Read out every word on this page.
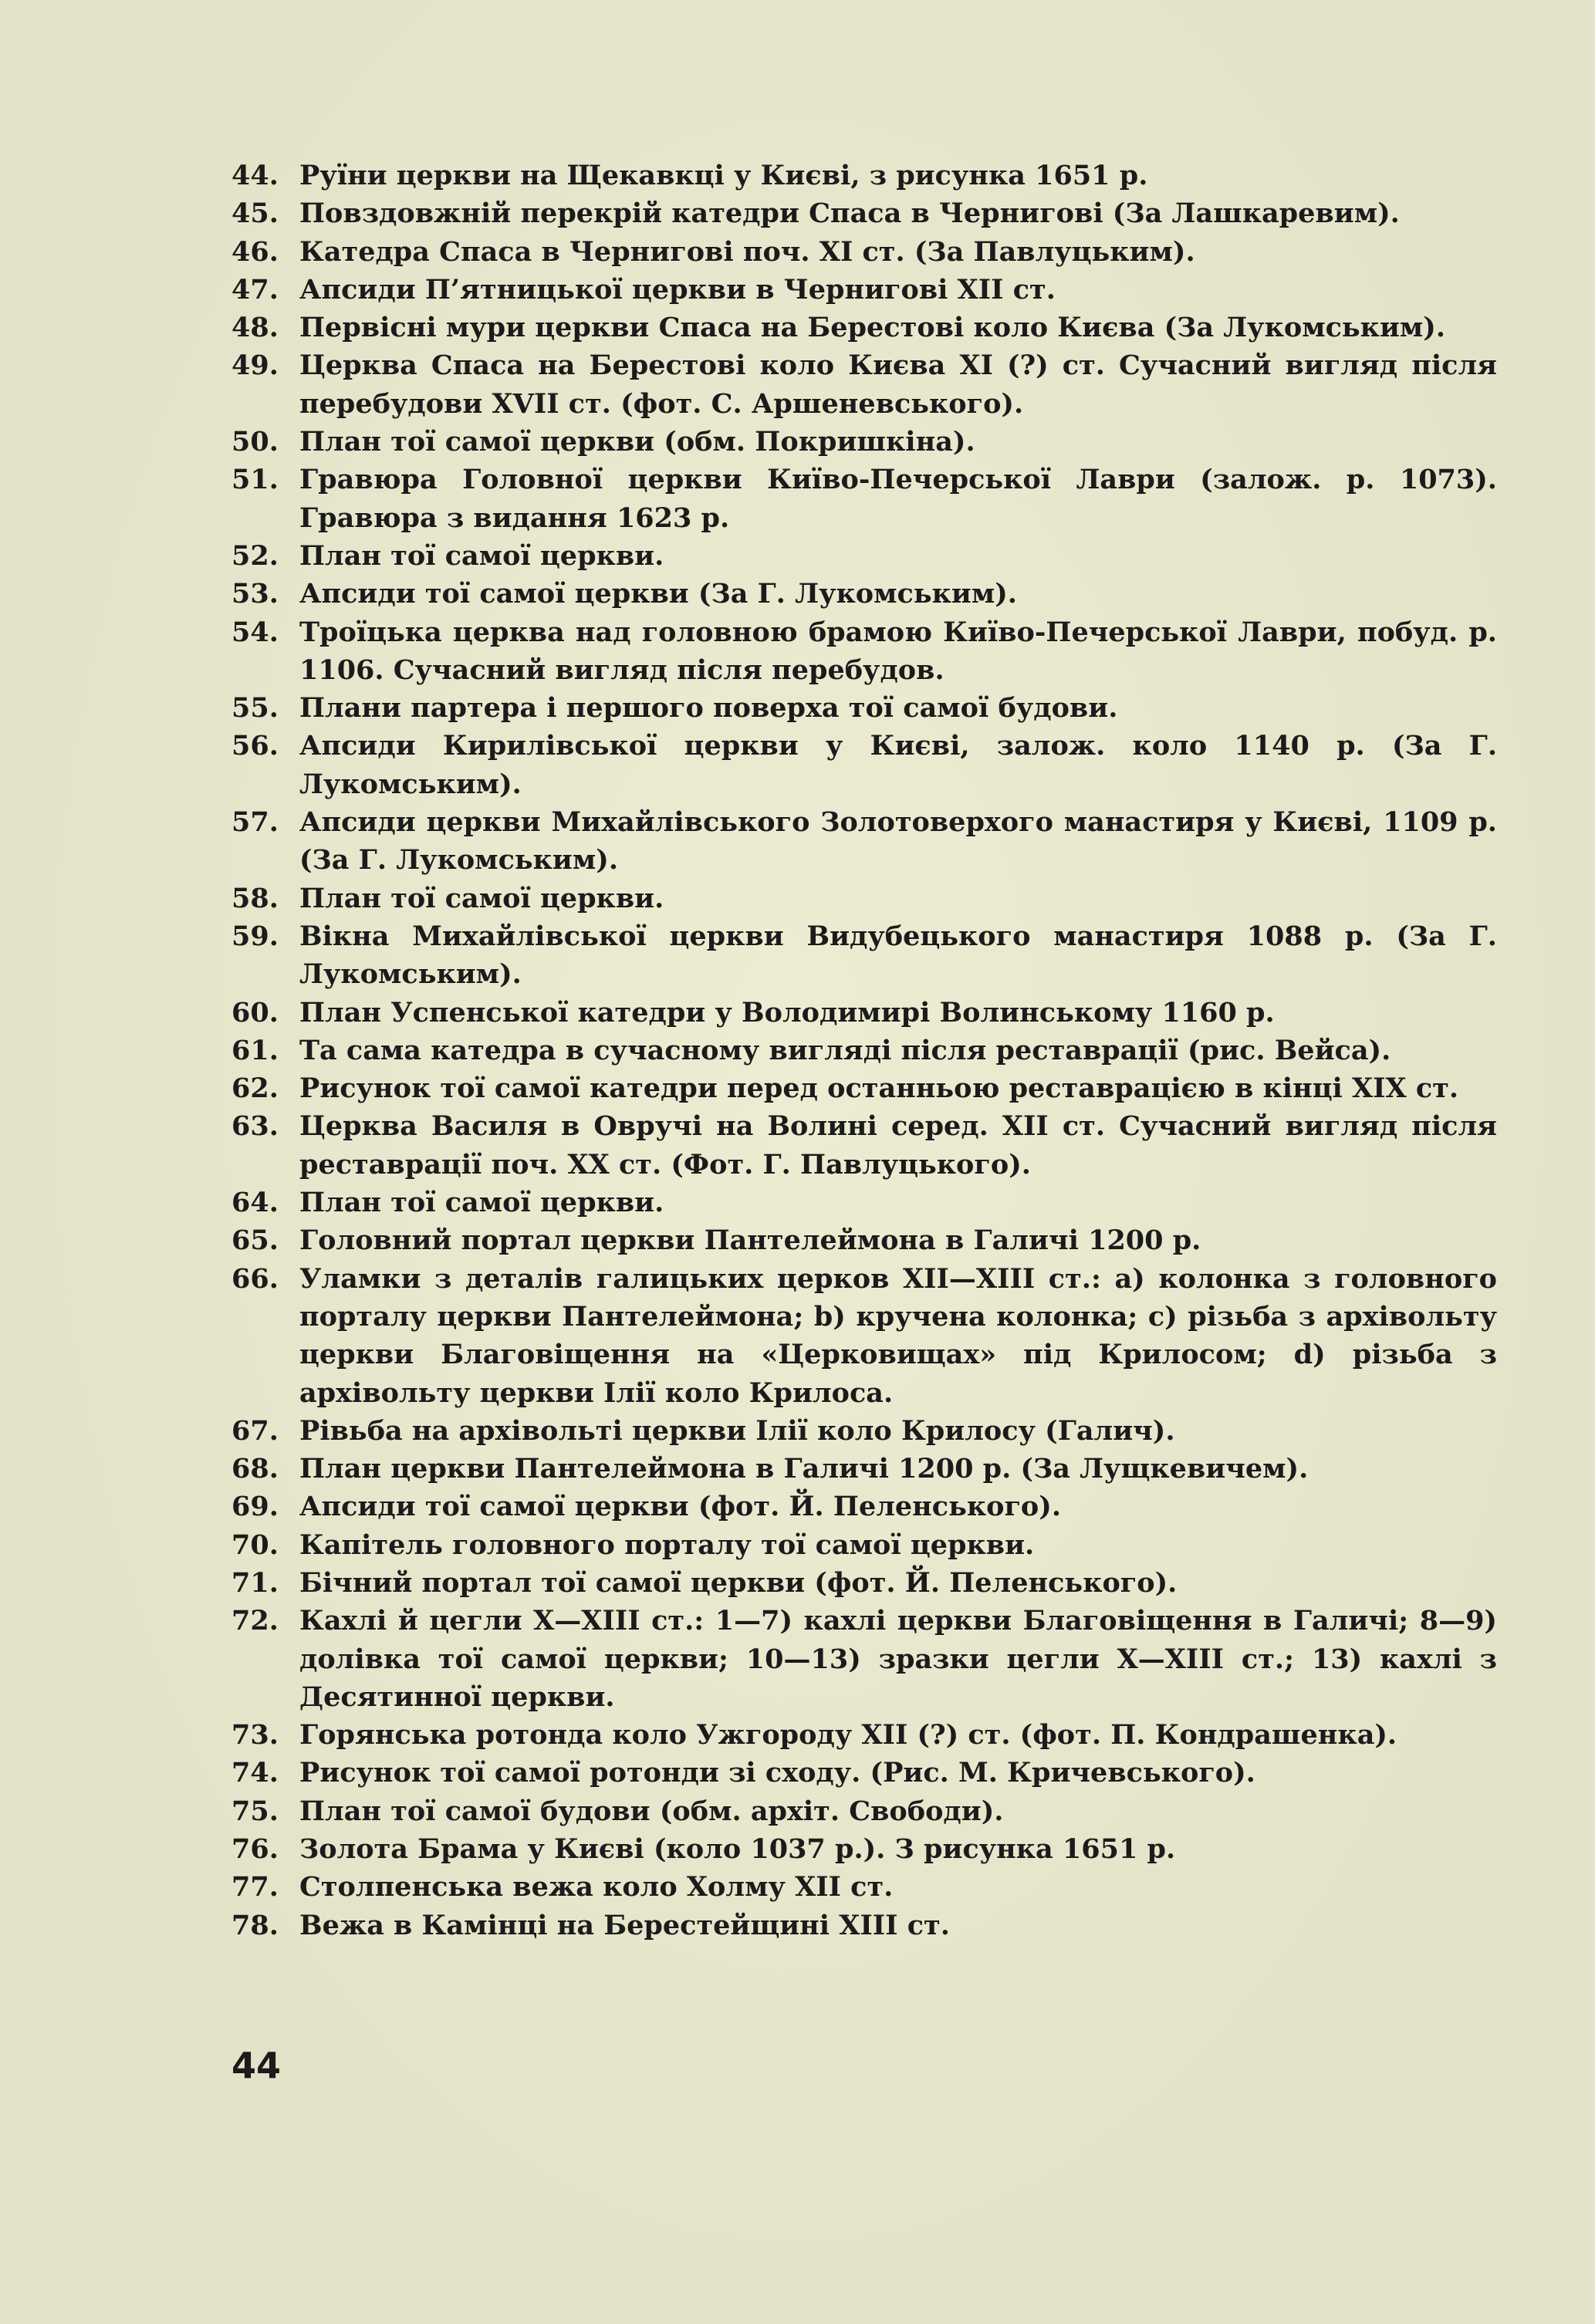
44. Руїни церкви на Щекавкці у Києві, з рисунка 1651 р.
45. Повздовжній перекрій катедри Спаса в Чернигові (За Лашкаревим).
46. Катедра Спаса в Чернигові поч. XI ст. (За Павлуцьким).
47. Апсиди П’ятницької церкви в Чернигові XII ст.
48. Первісні мури церкви Спаса на Берестові коло Києва (За Лукомським).
49. Церква Спаса на Берестові коло Києва XI (?) ст. Сучасний вигляд після перебудови XVII ст. (фот. С. Аршеневського).
50. План тої самої церкви (обм. Покришкіна).
51. Гравюра Головної церкви Київо-Печерської Лаври (залож. р. 1073). Гравюра з видання 1623 р.
52. План тої самої церкви.
53. Апсиди тої самої церкви (За Г. Лукомським).
54. Троїцька церква над головною брамою Київо-Печерської Лаври, побуд. р. 1106. Сучасний вигляд після перебудов.
55. Плани партера і першого поверха тої самої будови.
56. Апсиди Кирилівської церкви у Києві, залож. коло 1140 р. (За Г. Лукомським).
57. Апсиди церкви Михайлівського Золотоверхого манастиря у Києві, 1109 р. (За Г. Лукомським).
58. План тої самої церкви.
59. Вікна Михайлівської церкви Видубецького манастиря 1088 р. (За Г. Лукомським).
60. План Успенської катедри у Володимирі Волинському 1160 р.
61. Та сама катедра в сучасному вигляді після реставрації (рис. Вейса).
62. Рисунок тої самої катедри перед останньою реставрацією в кінці XIX ст.
63. Церква Василя в Овручі на Волині серед. XII ст. Сучасний вигляд після реставрації поч. XX ст. (Фот. Г. Павлуцького).
64. План тої самої церкви.
65. Головний портал церкви Пантелеймона в Галичі 1200 р.
66. Уламки з деталів галицьких церков XII—XIII ст.: а) колонка з головного порталу церкви Пантелеймона; b) кручена колонка; c) різьба з архівольту церкви Благовіщення на «Церковищах» під Крилосом; d) різьба з архівольту церкви Ілії коло Крилоса.
67. Рівьба на архівольті церкви Ілії коло Крилосу (Галич).
68. План церкви Пантелеймона в Галичі 1200 р. (За Лущкевичем).
69. Апсиди тої самої церкви (фот. Й. Пеленського).
70. Капітель головного порталу тої самої церкви.
71. Бічний портал тої самої церкви (фот. Й. Пеленського).
72. Кахлі й цегли X—XIII ст.: 1—7) кахлі церкви Благовіщення в Галичі; 8—9) долівка тої самої церкви; 10—13) зразки цегли X—XIII ст.; 13) кахлі з Десятинної церкви.
73. Горянська ротонда коло Ужгороду XII (?) ст. (фот. П. Кондрашенка).
74. Рисунок тої самої ротонди зі сходу. (Рис. М. Кричевського).
75. План тої самої будови (обм. архіт. Свободи).
76. Золота Брама у Києві (коло 1037 р.). З рисунка 1651 р.
77. Столпенська вежа коло Холму XII ст.
78. Вежа в Камінці на Берестейщині XIII ст.
44
